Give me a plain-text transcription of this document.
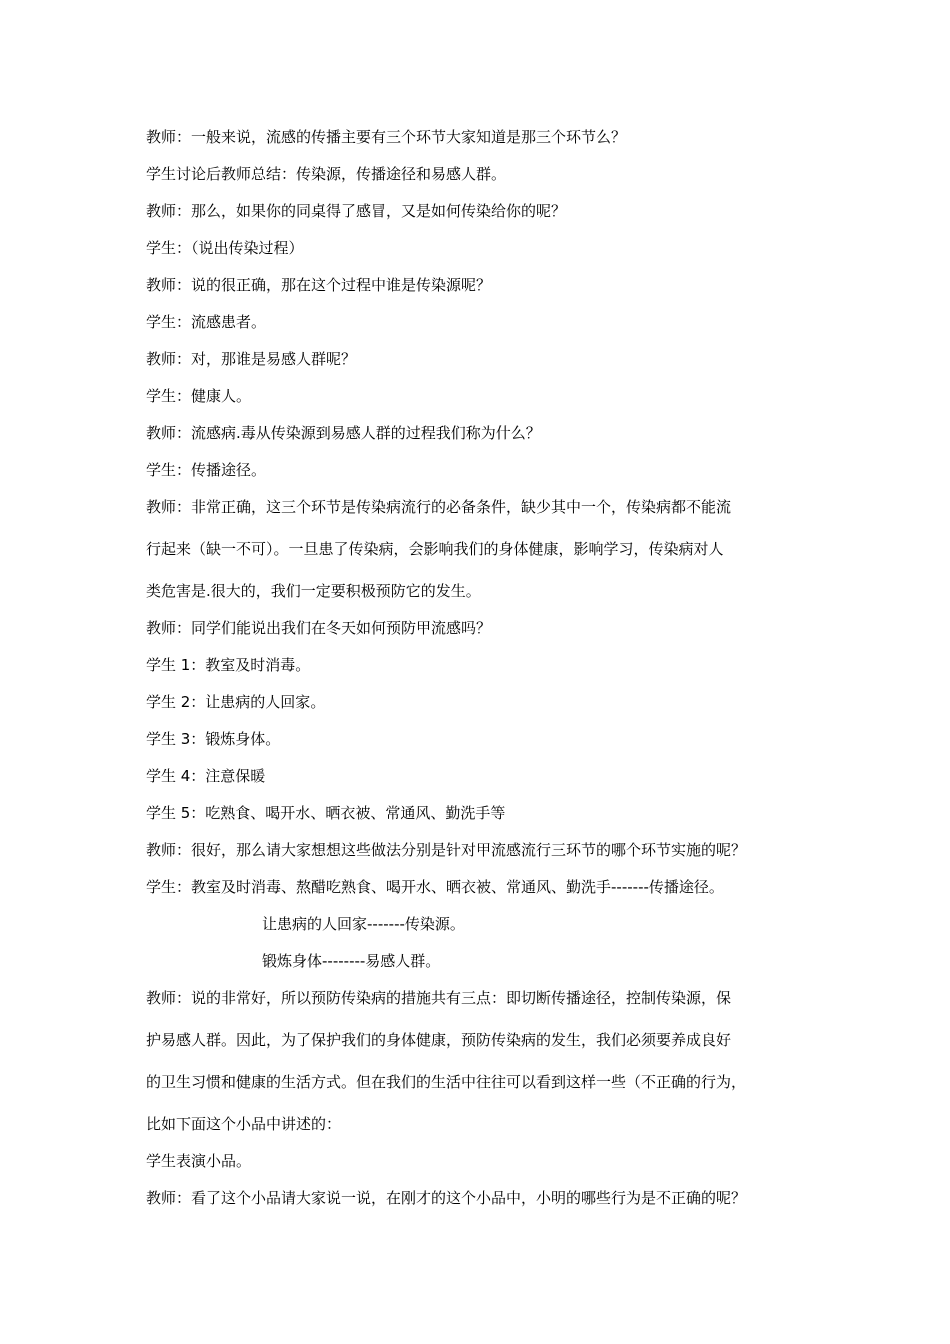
教师：一般来说，流感的传播主要有三个环节大家知道是那三个环节么？
学生讨论后教师总结：传染源，传播途径和易感人群。
教师：那么，如果你的同桌得了感冒，又是如何传染给你的呢？
学生：（说出传染过程）
教师：说的很正确，那在这个过程中谁是传染源呢？
学生：流感患者。
教师：对，那谁是易感人群呢？
学生：健康人。
教师：流感病.毒从传染源到易感人群的过程我们称为什么？
学生：传播途径。
教师：非常正确，这三个环节是传染病流行的必备条件，缺少其中一个，传染病都不能流
行起来（缺一不可）。一旦患了传染病，会影响我们的身体健康，影响学习，传染病对人
类危害是.很大的，我们一定要积极预防它的发生。
教师：同学们能说出我们在冬天如何预防甲流感吗？
学生 1：教室及时消毒。
学生 2：让患病的人回家。
学生 3：锻炼身体。
学生 4：注意保暖
学生 5：吃熟食、喝开水、晒衣被、常通风、勤洗手等
教师：很好，那么请大家想想这些做法分别是针对甲流感流行三环节的哪个环节实施的呢？
学生：教室及时消毒、熬醋吃熟食、喝开水、晒衣被、常通风、勤洗手-------传播途径。
让患病的人回家-------传染源。
锻炼身体--------易感人群。
教师：说的非常好，所以预防传染病的措施共有三点：即切断传播途径，控制传染源，保
护易感人群。因此，为了保护我们的身体健康，预防传染病的发生，我们必须要养成良好
的卫生习惯和健康的生活方式。但在我们的生活中往往可以看到这样一些（不正确的行为，
比如下面这个小品中讲述的：
学生表演小品。
教师：看了这个小品请大家说一说，在刚才的这个小品中，小明的哪些行为是不正确的呢？
